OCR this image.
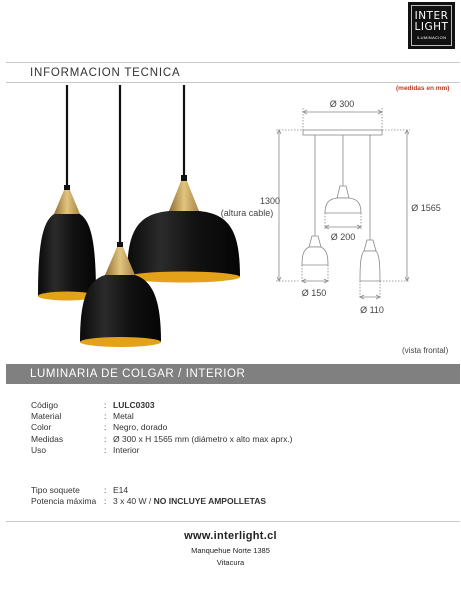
INTER
LIGHT
ILUMINACION
INFORMACION TECNICA
(medidas en mm)
Ø 300
1300
(altura cable)	Ø 1565
Ø 200
Ø 150
Ø 110
(vista frontal)
LUMINARIA DE COLGAR / INTERIOR
Código	: LULC0303
Material	: Metal
Color	: Negro, dorado
Medidas	: Ø 300 x H 1565 mm (diámetro x alto max aprx.)
Uso	: Interior
Tipo soquete	: E14
Potencia máxima : 3 x 40 W / NO INCLUYE AMPOLLETAS
www.interlight.cl
Manquehue Norte 1385
Vitacura
